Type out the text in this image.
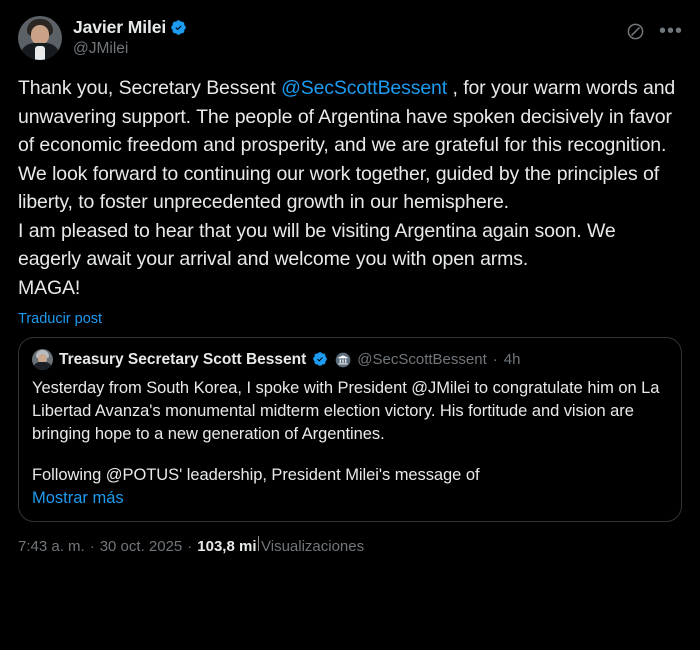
Javier Milei
@JMilei
•••
Thank you, Secretary Bessent @SecScottBessent , for your warm words and unwavering support. The people of Argentina have spoken decisively in favor of economic freedom and prosperity, and we are grateful for this recognition. We look forward to continuing our work together, guided by the principles of liberty, to foster unprecedented growth in our hemisphere.
I am pleased to hear that you will be visiting Argentina again soon. We eagerly await your arrival and welcome you with open arms.
MAGA!
Traducir post
Treasury Secretary Scott Bessent	@SecScottBessent · 4h

Yesterday from South Korea, I spoke with President @JMilei to congratulate him on La Libertad Avanza's monumental midterm election victory. His fortitude and vision are bringing hope to a new generation of Argentines.

Following @POTUS' leadership, President Milei's message of

Mostrar más
7:43 a. m. · 30 oct. 2025 · 103,8 mi Visualizaciones
